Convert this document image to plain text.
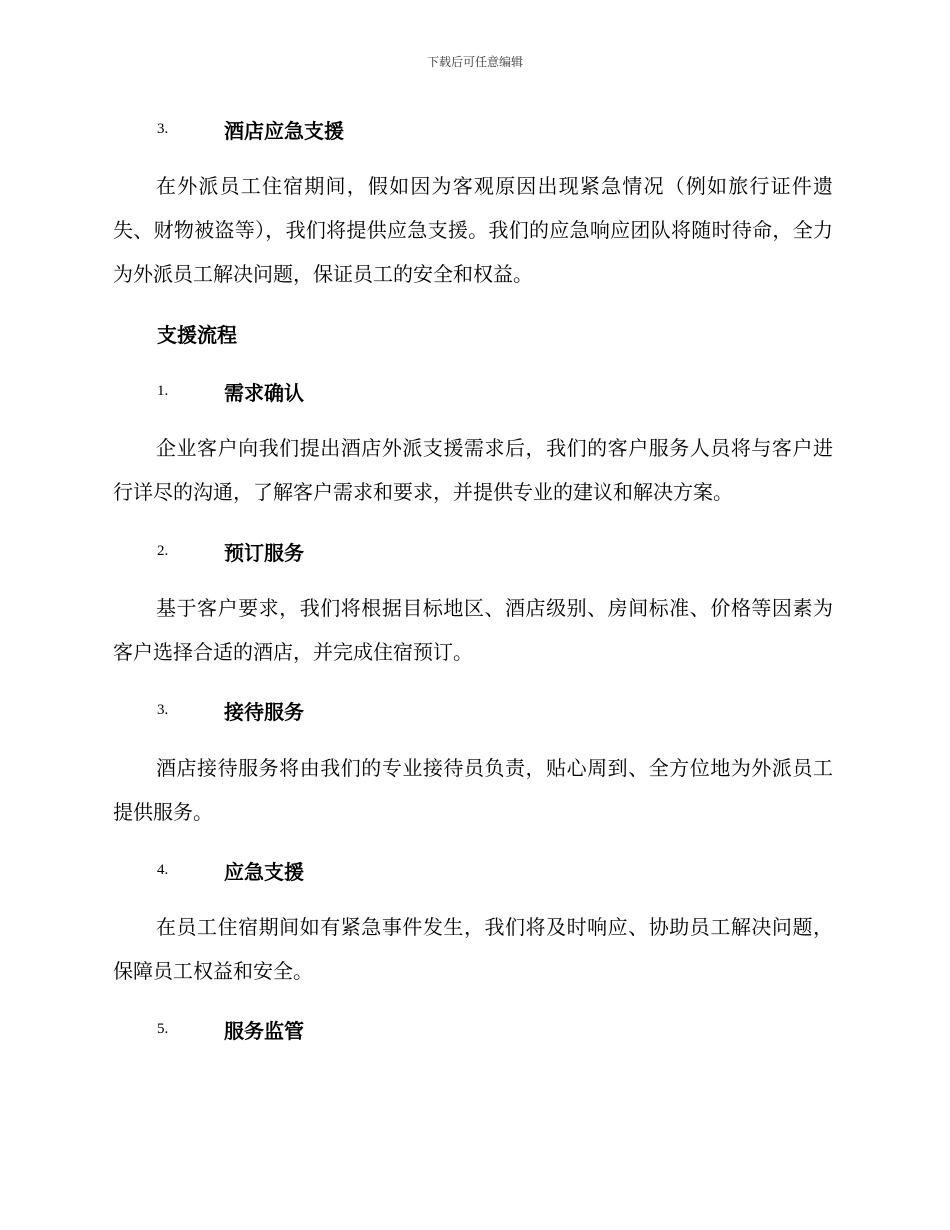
下载后可任意编辑
3.	酒店应急支援

在外派员工住宿期间，假如因为客观原因出现紧急情况（例如旅行证件遗失、财物被盗等），我们将提供应急支援。我们的应急响应团队将随时待命，全力为外派员工解决问题，保证员工的安全和权益。

支援流程
1.	需求确认

企业客户向我们提出酒店外派支援需求后，我们的客户服务人员将与客户进行详尽的沟通，了解客户需求和要求，并提供专业的建议和解决方案。

2.	预订服务

基于客户要求，我们将根据目标地区、酒店级别、房间标准、价格等因素为客户选择合适的酒店，并完成住宿预订。

3.	接待服务

酒店接待服务将由我们的专业接待员负责，贴心周到、全方位地为外派员工提供服务。

4.	应急支援

在员工住宿期间如有紧急事件发生，我们将及时响应、协助员工解决问题，保障员工权益和安全。

5.	服务监管
